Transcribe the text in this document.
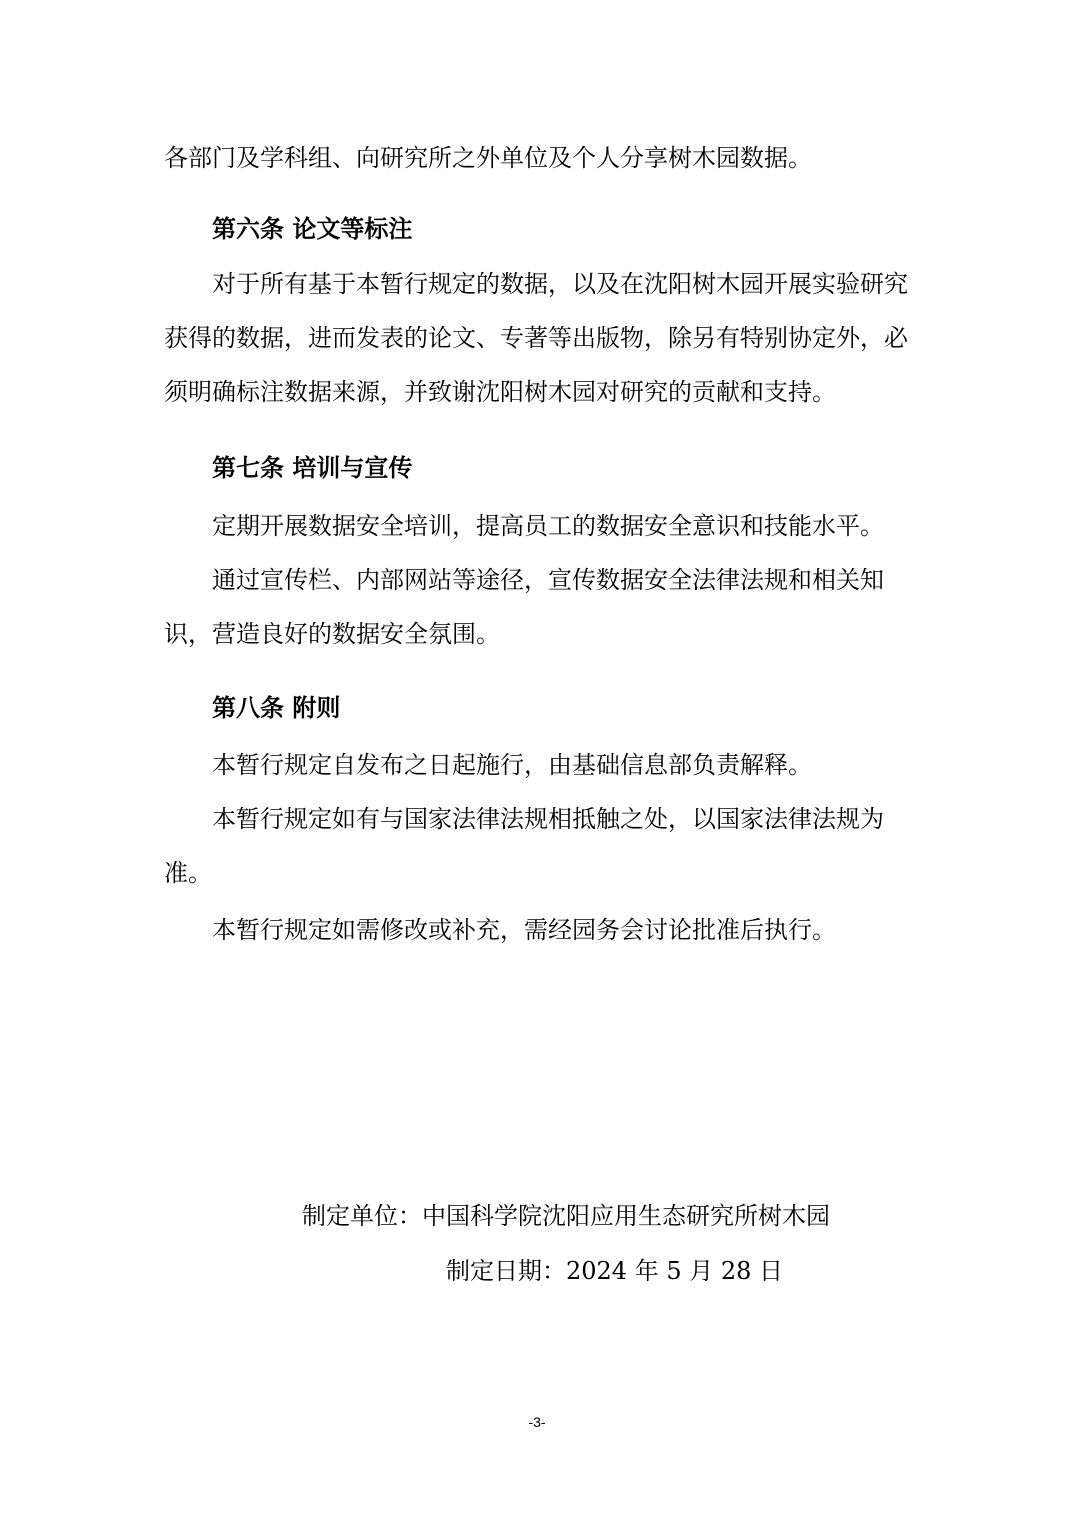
各部门及学科组、向研究所之外单位及个人分享树木园数据。
第六条 论文等标注
对于所有基于本暂行规定的数据，以及在沈阳树木园开展实验研究获得的数据，进而发表的论文、专著等出版物，除另有特别协定外，必须明确标注数据来源，并致谢沈阳树木园对研究的贡献和支持。
第七条 培训与宣传
定期开展数据安全培训，提高员工的数据安全意识和技能水平。
通过宣传栏、内部网站等途径，宣传数据安全法律法规和相关知识，营造良好的数据安全氛围。
第八条 附则
本暂行规定自发布之日起施行，由基础信息部负责解释。
本暂行规定如有与国家法律法规相抵触之处，以国家法律法规为准。
本暂行规定如需修改或补充，需经园务会讨论批准后执行。
制定单位：中国科学院沈阳应用生态研究所树木园
制定日期：2024 年 5 月 28 日
-3-
